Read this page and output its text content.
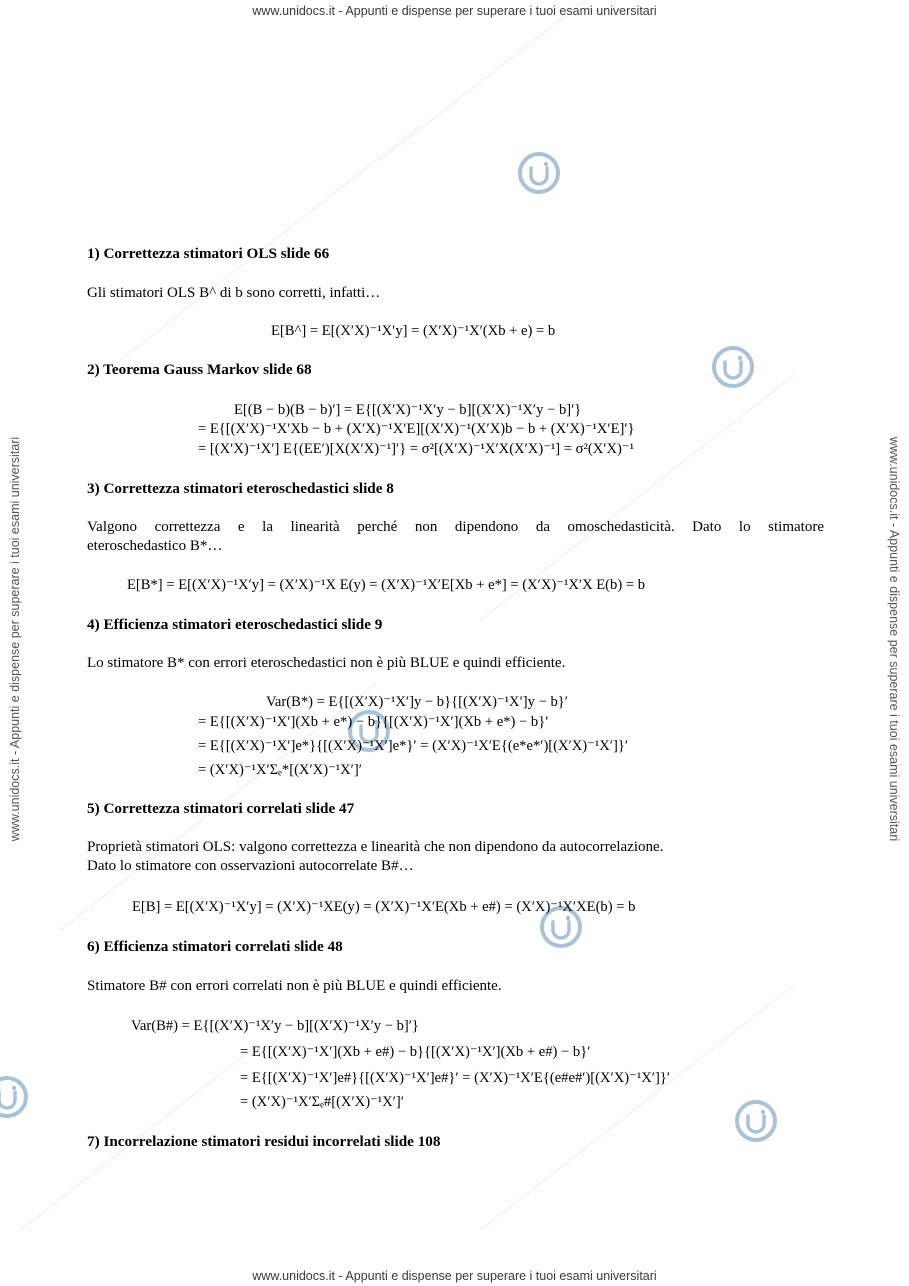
www.unidocs.it - Appunti e dispense per superare i tuoi esami universitari
www.unidocs.it - Appunti e dispense per superare i tuoi esami universitari
www.unidocs.it - Appunti e dispense per superare i tuoi esami universitari	www.unidocs.it - Appunti e dispense per superare i tuoi esami universitari
1) Correttezza stimatori OLS slide 66
Gli stimatori OLS B^ di b sono corretti, infatti…
E[B^] = E[(X′X)⁻¹X′y] = (X′X)⁻¹X′(Xb + e) = b
2) Teorema Gauss Markov slide 68
E[(B − b)(B − b)′] = E{[(X′X)⁻¹X′y − b][(X′X)⁻¹X′y − b]′}
= E{[(X′X)⁻¹X′Xb − b + (X′X)⁻¹X′E][(X′X)⁻¹(X′X)b − b + (X′X)⁻¹X′E]′}
= [(X′X)⁻¹X′] E{(EE′)[X(X′X)⁻¹]′} = σ²[(X′X)⁻¹X′X(X′X)⁻¹] = σ²(X′X)⁻¹
3) Correttezza stimatori eteroschedastici slide 8
Valgono correttezza e la linearità perché non dipendono da omoschedasticità. Dato lo stimatore
eteroschedastico B*…
E[B*] = E[(X′X)⁻¹X′y] = (X′X)⁻¹X E(y) = (X′X)⁻¹X′E[Xb + e*] = (X′X)⁻¹X′X E(b) = b
4) Efficienza stimatori eteroschedastici slide 9
Lo stimatore B* con errori eteroschedastici non è più BLUE e quindi efficiente.
Var(B*) = E{[(X′X)⁻¹X′]y − b}{[(X′X)⁻¹X′]y − b}′
= E{[(X′X)⁻¹X′](Xb + e*) − b}{[(X′X)⁻¹X′](Xb + e*) − b}′
= E{[(X′X)⁻¹X′]e*}{[(X′X)⁻¹X′]e*}′ = (X′X)⁻¹X′E{(e*e*′)[(X′X)⁻¹X′]}′
= (X′X)⁻¹X′Σₑ*[(X′X)⁻¹X′]′
5) Correttezza stimatori correlati slide 47
Proprietà stimatori OLS: valgono correttezza e linearità che non dipendono da autocorrelazione.
Dato lo stimatore con osservazioni autocorrelate B#…
E[B] = E[(X′X)⁻¹X′y] = (X′X)⁻¹XE(y) = (X′X)⁻¹X′E(Xb + e#) = (X′X)⁻¹X′XE(b) = b
6) Efficienza stimatori correlati slide 48
Stimatore B# con errori correlati non è più BLUE e quindi efficiente.
Var(B#) = E{[(X′X)⁻¹X′y − b][(X′X)⁻¹X′y − b]′}
= E{[(X′X)⁻¹X′](Xb + e#) − b}{[(X′X)⁻¹X′](Xb + e#) − b}′
= E{[(X′X)⁻¹X′]e#}{[(X′X)⁻¹X′]e#}′ = (X′X)⁻¹X′E{(e#e#′)[(X′X)⁻¹X′]}′
= (X′X)⁻¹X′Σₑ#[(X′X)⁻¹X′]′
7) Incorrelazione stimatori residui incorrelati slide 108
